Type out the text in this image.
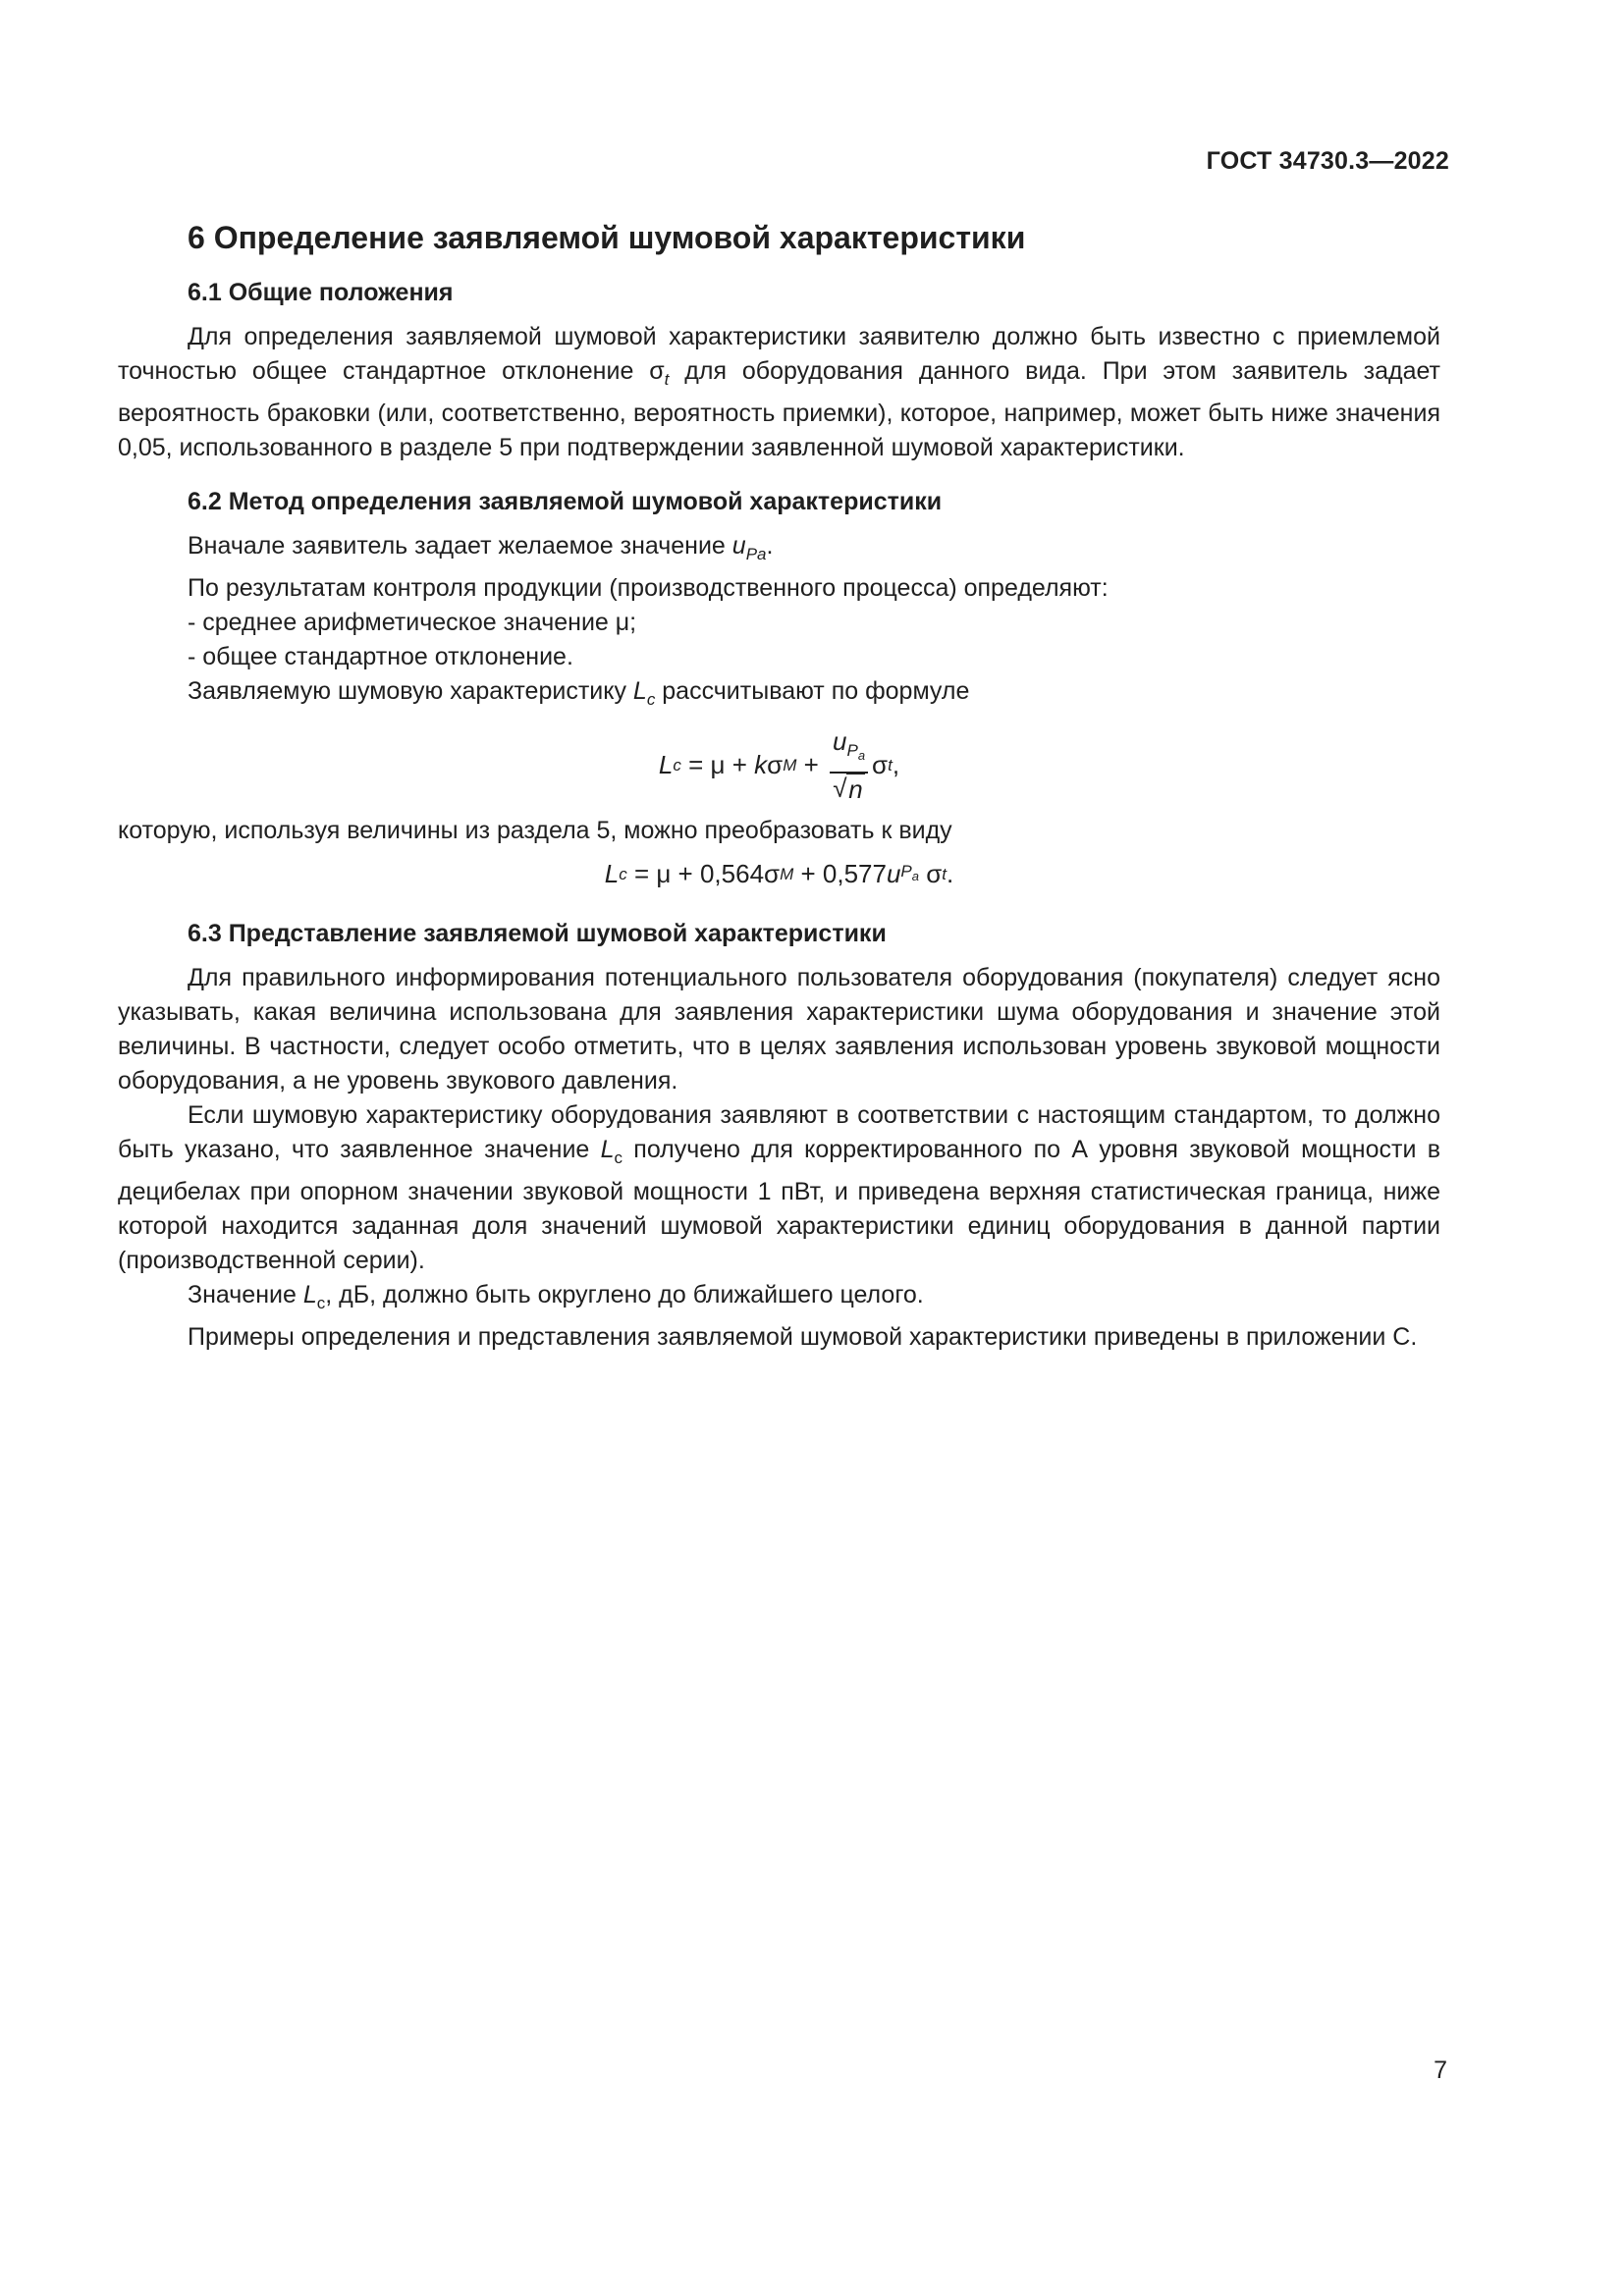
ГОСТ 34730.3—2022
6 Определение заявляемой шумовой характеристики
6.1 Общие положения

Для определения заявляемой шумовой характеристики заявителю должно быть известно с приемлемой точностью общее стандартное отклонение $\sigma_t$ для оборудования данного вида. При этом заявитель задает вероятность браковки (или, соответственно, вероятность приемки), которое, например, может быть ниже значения 0,05, использованного в разделе 5 при подтверждении заявленной шумовой характеристики.

6.2 Метод определения заявляемой шумовой характеристики
Вначале заявитель задает желаемое значение $u_{Pa}$.
По результатам контроля продукции (производственного процесса) определяют:
- среднее арифметическое значение μ;
- общее стандартное отклонение.
Заявляемую шумовую характеристику $L_c$ рассчитывают по формуле
L c = μ + k σ $M + u_{P_a}$
√ n σ t ,

которую, используя величины из раздела 5, можно преобразовать к виду

L c = μ + 0,564σ M + 0,577 u $P_a$ σ t .
6.3 Представление заявляемой шумовой характеристики

Для правильного информирования потенциального пользователя оборудования (покупателя) следует ясно указывать, какая величина использована для заявления характеристики шума оборудования и значение этой величины. В частности, следует особо отметить, что в целях заявления использован уровень звуковой мощности оборудования, а не уровень звукового давления.

Если шумовую характеристику оборудования заявляют в соответствии с настоящим стандартом, то должно быть указано, что заявленное значение $L_c$ получено для корректированного по А уровня звуковой мощности в децибелах при опорном значении звуковой мощности 1 пВт, и приведена верхняя статистическая граница, ниже которой находится заданная доля значений шумовой характеристики единиц оборудования в данной партии (производственной серии).

Значение $L_c$, дБ, должно быть округлено до ближайшего целого.

Примеры определения и представления заявляемой шумовой характеристики приведены в приложении С.

7
